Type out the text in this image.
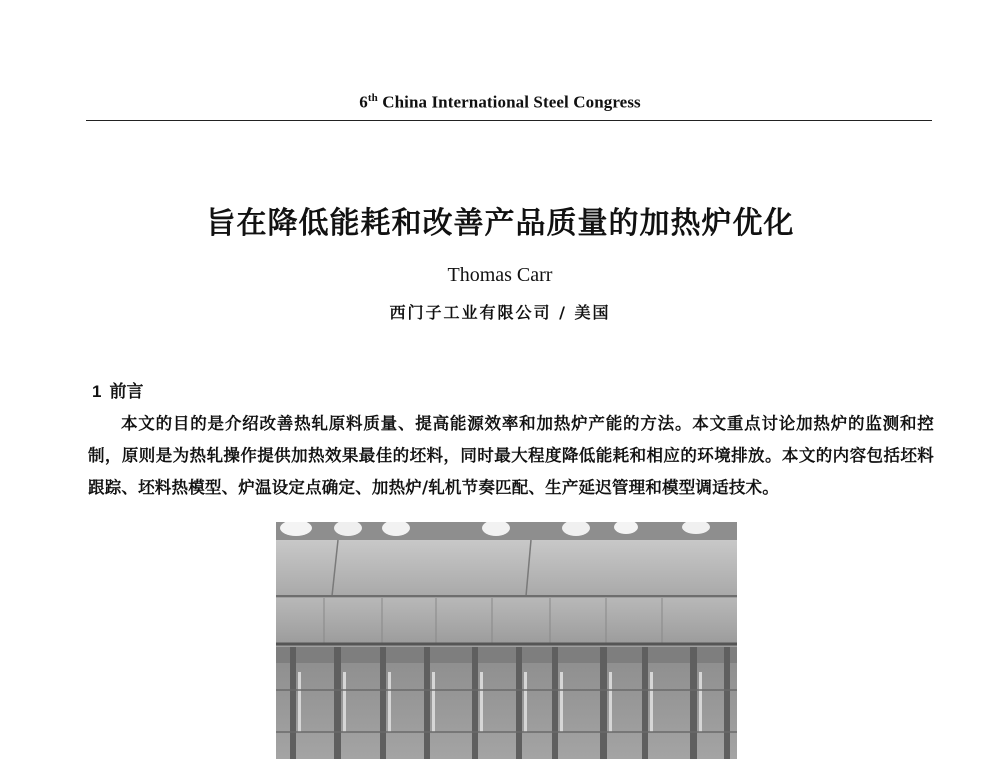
6th China International Steel Congress
旨在降低能耗和改善产品质量的加热炉优化
Thomas Carr
西门子工业有限公司 / 美国
1 前言

本文的目的是介绍改善热轧原料质量、提高能源效率和加热炉产能的方法。本文重点讨论加热炉的监测和控制，原则是为热轧操作提供加热效果最佳的坯料，同时最大程度降低能耗和相应的环境排放。本文的内容包括坯料跟踪、坯料热模型、炉温设定点确定、加热炉/轧机节奏匹配、生产延迟管理和模型调适技术。
